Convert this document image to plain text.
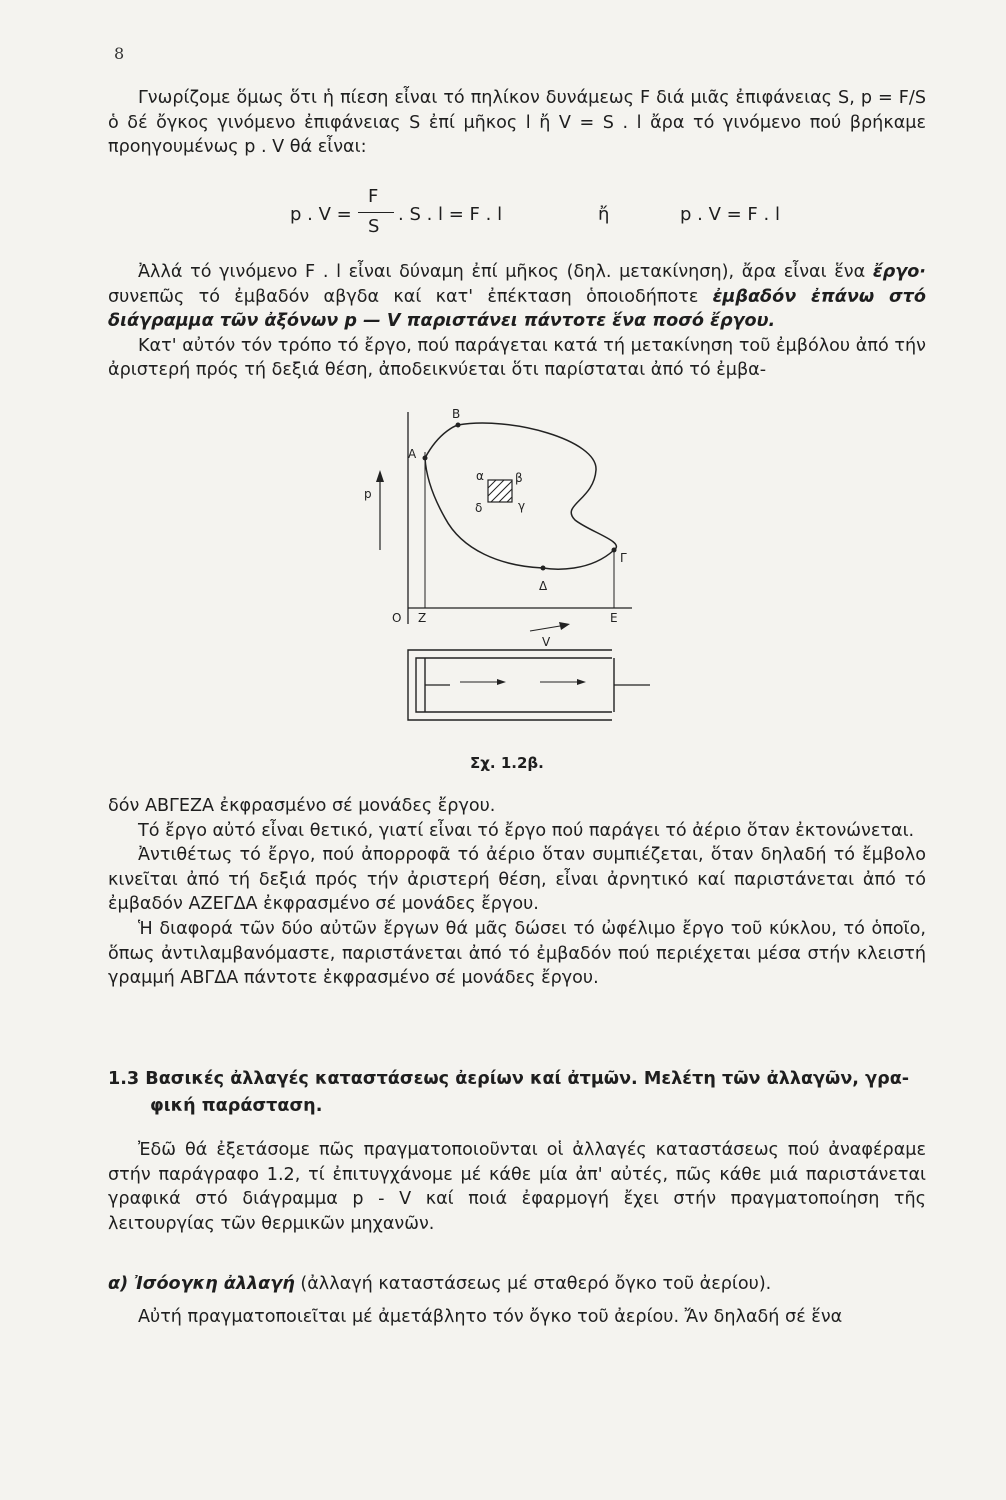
8

Γνωρίζομε ὅμως ὅτι ἡ πίεση εἶναι τό πηλίκον δυνάμεως F διά μιᾶς ἐπιφάνειας S, p = F/S ὁ δέ ὄγκος γινόμενο ἐπιφάνειας S ἐπί μῆκος l ἤ V = S . l ἄρα τό γινόμενο πού βρήκαμε προηγουμένως p . V θά εἶναι:

p . V =
F
S
. S . l = F . l	ἤ	p . V = F . l

Ἀλλά τό γινόμενο F . l εἶναι δύναμη ἐπί μῆκος (δηλ. μετακίνηση), ἄρα εἶναι ἕνα ἔργο· συνεπῶς τό ἐμβαδόν αβγδα καί κατ' ἐπέκταση ὁποιοδήποτε ἐμβαδόν ἐπάνω στό διάγραμμα τῶν ἀξόνων p — V παριστάνει πάντοτε ἕνα ποσό ἔργου.

Κατ' αὐτόν τόν τρόπο τό ἔργο, πού παράγεται κατά τή μετακίνηση τοῦ ἐμβόλου ἀπό τήν ἀριστερή πρός τή δεξιά θέση, ἀποδεικνύεται ὅτι παρίσταται ἀπό τό ἐμβα-

B
A
p
α	β
δ	γ
Γ
Δ
O Z	E
V
Σχ. 1.2β.

δόν ΑΒΓΕΖΑ ἐκφρασμένο σέ μονάδες ἔργου.

Τό ἔργο αὐτό εἶναι θετικό, γιατί εἶναι τό ἔργο πού παράγει τό ἀέριο ὅταν ἐκτονώνεται.

Ἀντιθέτως τό ἔργο, πού ἀπορροφᾶ τό ἀέριο ὅταν συμπιέζεται, ὅταν δηλαδή τό ἔμβολο κινεῖται ἀπό τή δεξιά πρός τήν ἀριστερή θέση, εἶναι ἀρνητικό καί παριστάνεται ἀπό τό ἐμβαδόν ΑΖΕΓΔΑ ἐκφρασμένο σέ μονάδες ἔργου.

Ἡ διαφορά τῶν δύο αὐτῶν ἔργων θά μᾶς δώσει τό ὠφέλιμο ἔργο τοῦ κύκλου, τό ὁποῖο, ὅπως ἀντιλαμβανόμαστε, παριστάνεται ἀπό τό ἐμβαδόν πού περιέχεται μέσα στήν κλειστή γραμμή ΑΒΓΔΑ πάντοτε ἐκφρασμένο σέ μονάδες ἔργου.

1.3 Βασικές ἀλλαγές καταστάσεως ἀερίων καί ἀτμῶν. Μελέτη τῶν ἀλλαγῶν, γρα-
φική παράσταση.

Ἐδῶ θά ἐξετάσομε πῶς πραγματοποιοῦνται οἱ ἀλλαγές καταστάσεως πού ἀναφέραμε στήν παράγραφο 1.2, τί ἐπιτυγχάνομε μέ κάθε μία ἀπ' αὐτές, πῶς κάθε μιά παριστάνεται γραφικά στό διάγραμμα p - V καί ποιά ἐφαρμογή ἔχει στήν πραγματοποίηση τῆς λειτουργίας τῶν θερμικῶν μηχανῶν.

α) Ἰσόογκη ἀλλαγή (ἀλλαγή καταστάσεως μέ σταθερό ὄγκο τοῦ ἀερίου).

Αὐτή πραγματοποιεῖται μέ ἀμετάβλητο τόν ὄγκο τοῦ ἀερίου. Ἄν δηλαδή σέ ἕνα
